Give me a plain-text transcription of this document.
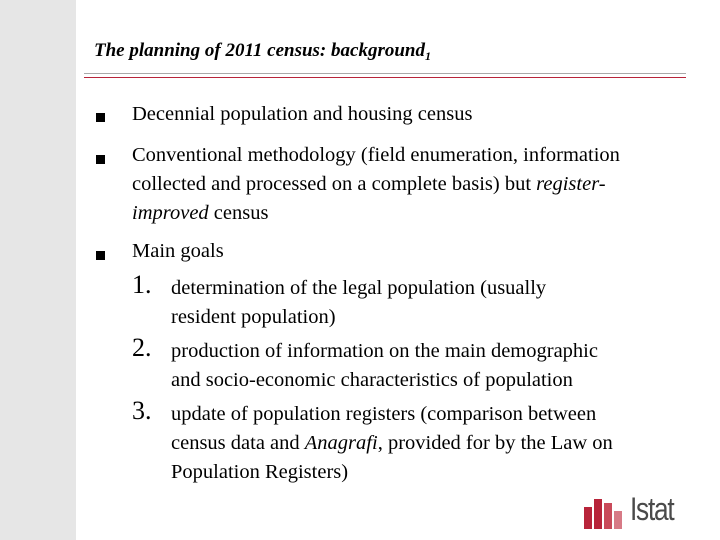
The planning of 2011 census: background$_1$
Decennial population and housing census
Conventional methodology (field enumeration, information
collected and processed on a complete basis) but register-
improved census
Main goals
1. determination of the legal population (usually
resident population)
2. production of information on the main demographic
and socio-economic characteristics of population
3. update of population registers (comparison between
census data and Anagrafi, provided for by the Law on
Population Registers)
Istat
